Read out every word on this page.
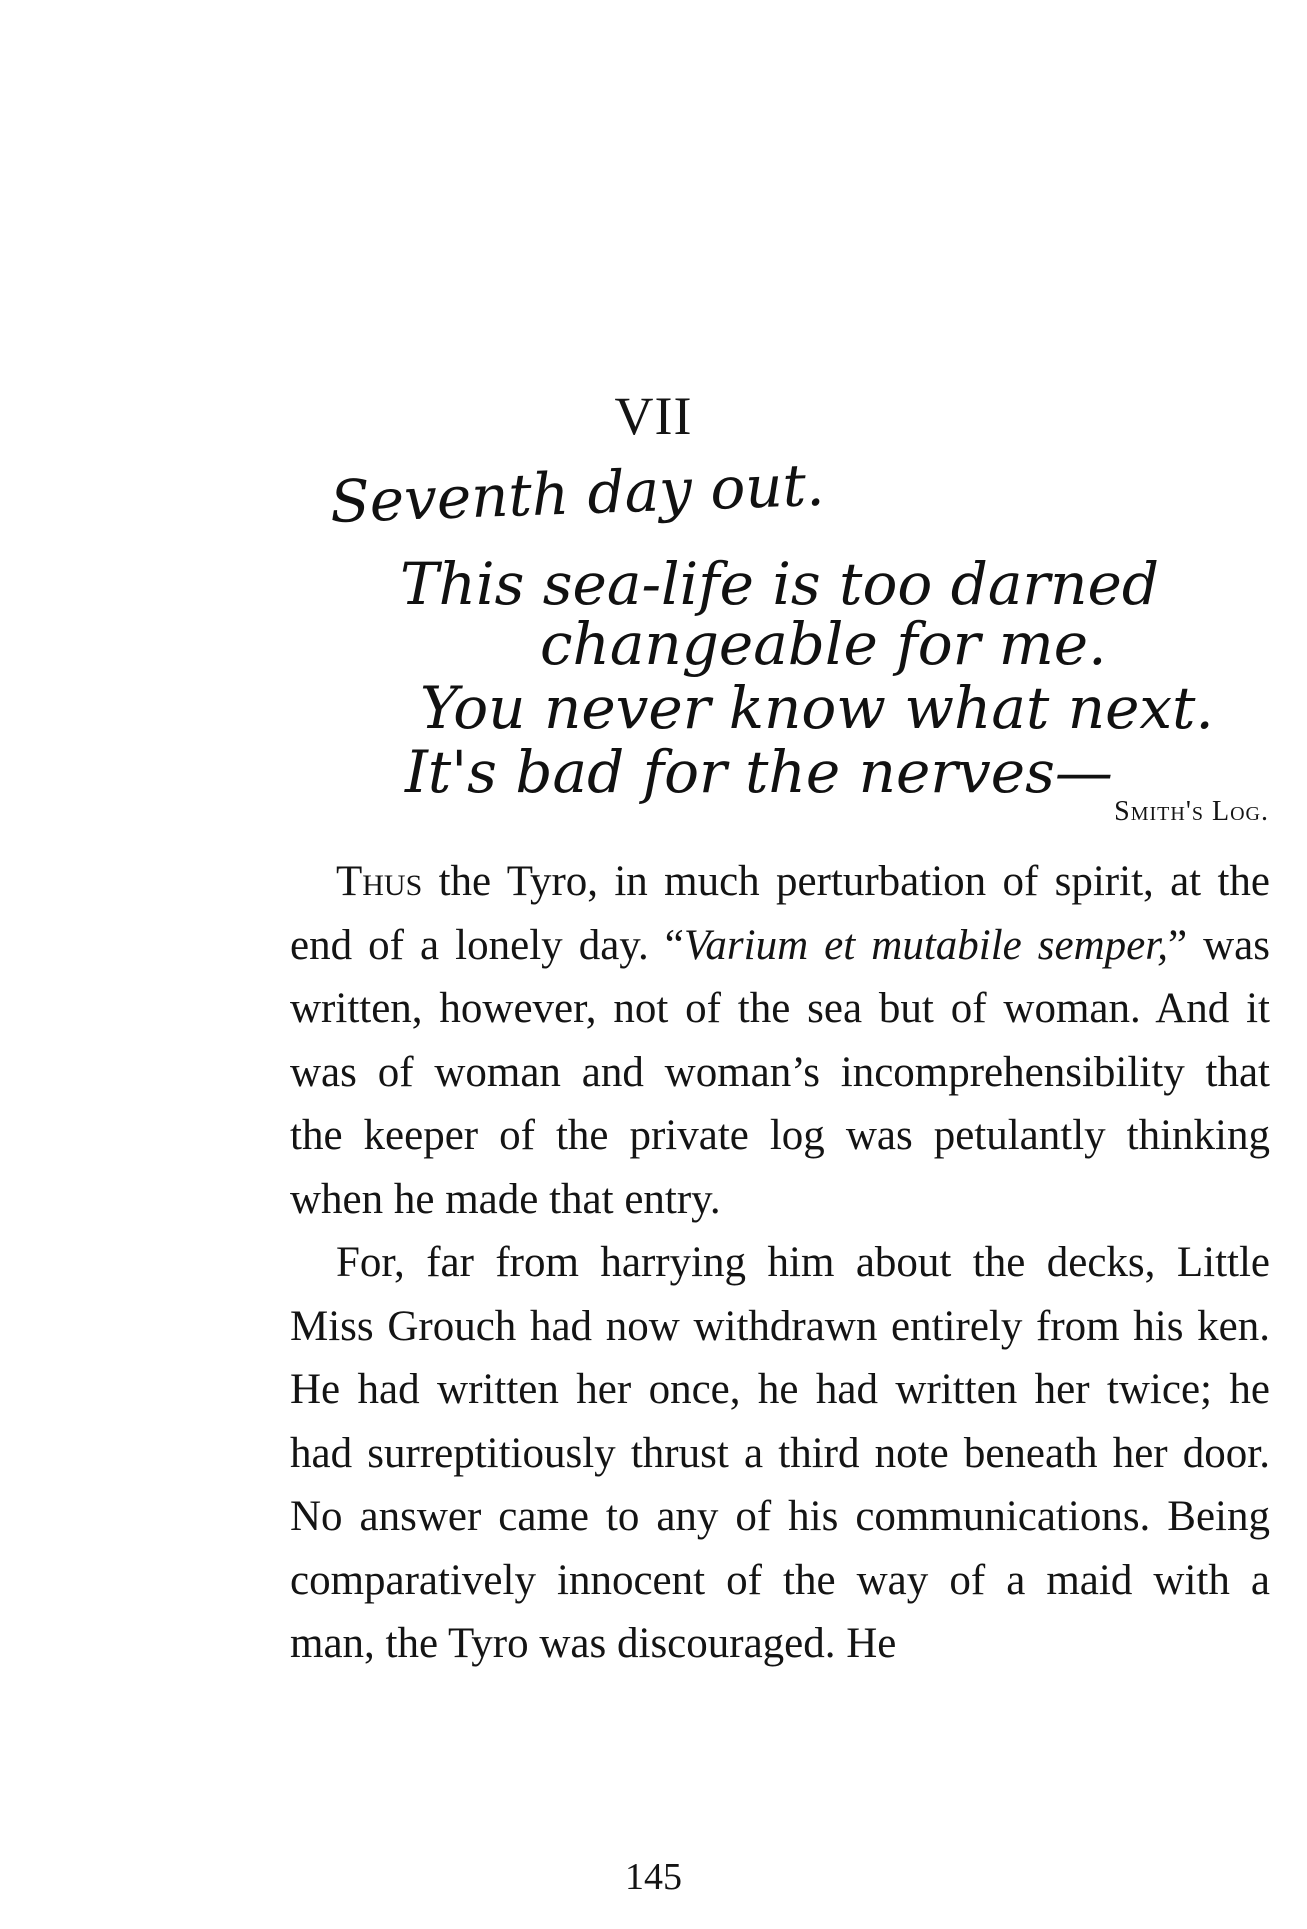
VII
Seventh day out.
This sea-life is too darned
changeable for me.
You never know what next.
It's bad for the nerves—
Smith's Log.

Thus the Tyro, in much perturbation of spirit, at the end of a lonely day. “Varium et mutabile semper,” was written, however, not of the sea but of woman. And it was of woman and woman’s incomprehensibility that the keeper of the private log was petulantly thinking when he made that entry.

For, far from harrying him about the decks, Little Miss Grouch had now withdrawn entirely from his ken. He had written her once, he had written her twice; he had surreptitiously thrust a third note beneath her door. No answer came to any of his communications. Being comparatively innocent of the way of a maid with a man, the Tyro was discouraged. He

145
